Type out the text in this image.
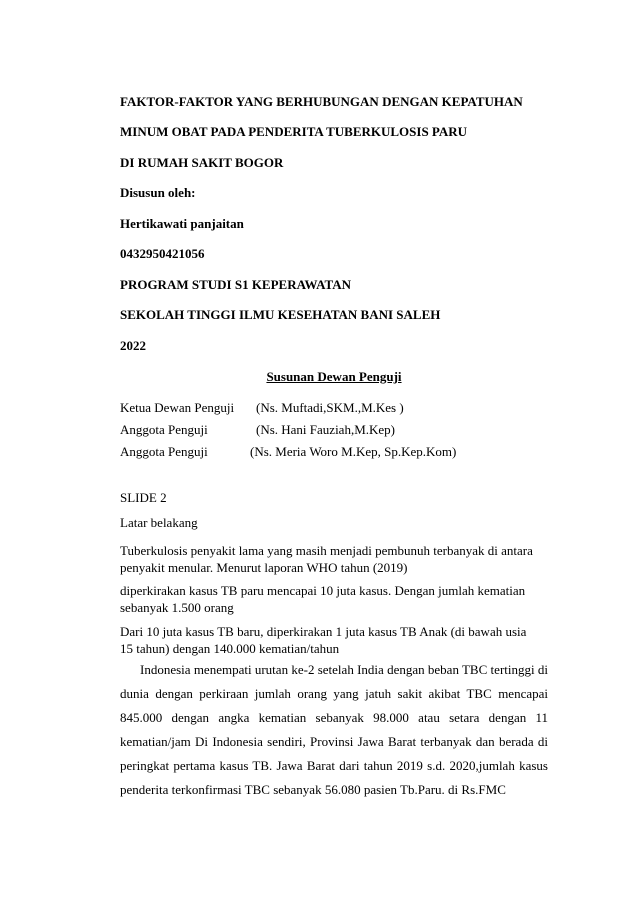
FAKTOR-FAKTOR YANG BERHUBUNGAN DENGAN KEPATUHAN
MINUM OBAT PADA PENDERITA TUBERKULOSIS PARU
DI RUMAH SAKIT BOGOR
Disusun oleh:
Hertikawati panjaitan
0432950421056
PROGRAM STUDI S1 KEPERAWATAN
SEKOLAH TINGGI ILMU KESEHATAN BANI SALEH
2022
Susunan Dewan Penguji
Ketua Dewan Penguji (Ns. Muftadi,SKM.,M.Kes )
Anggota Penguji	(Ns. Hani Fauziah,M.Kep)
Anggota Penguji	(Ns. Meria Woro M.Kep, Sp.Kep.Kom)
SLIDE 2
Latar belakang
Tuberkulosis penyakit lama yang masih menjadi pembunuh terbanyak di antara penyakit menular. Menurut laporan WHO tahun (2019)
diperkirakan kasus TB paru mencapai 10 juta kasus. Dengan jumlah kematian sebanyak 1.500 orang
Dari 10 juta kasus TB baru, diperkirakan 1 juta kasus TB Anak (di bawah usia 15 tahun) dengan 140.000 kematian/tahun
Indonesia menempati urutan ke-2 setelah India dengan beban TBC tertinggi di dunia dengan perkiraan jumlah orang yang jatuh sakit akibat TBC mencapai 845.000 dengan angka kematian sebanyak 98.000 atau setara dengan 11 kematian/jam Di Indonesia sendiri, Provinsi Jawa Barat terbanyak dan berada di peringkat pertama kasus TB. Jawa Barat dari tahun 2019 s.d. 2020,jumlah kasus penderita terkonfirmasi TBC sebanyak 56.080 pasien Tb.Paru. di Rs.FMC
